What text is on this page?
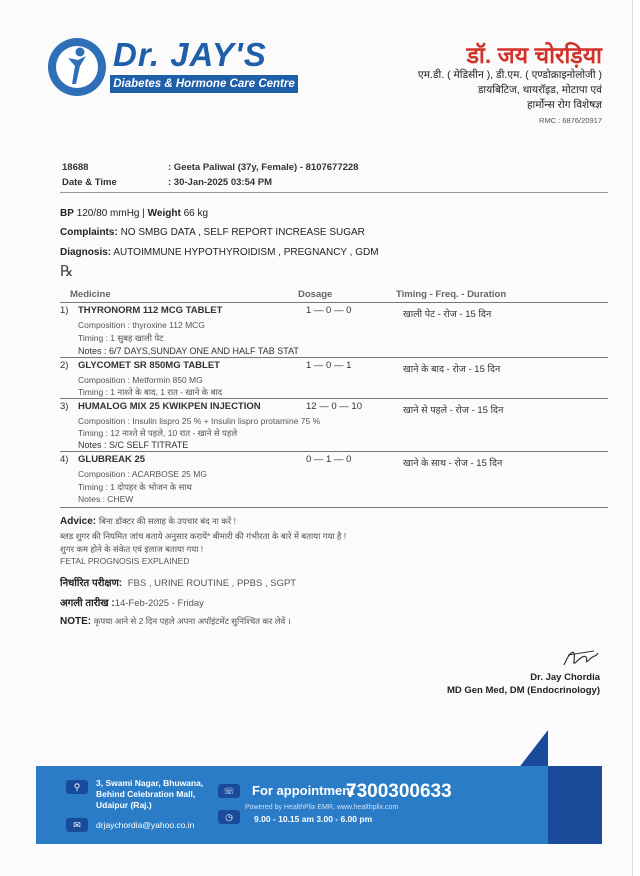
Dr. JAY'S
Diabetes & Hormone Care Centre
डॉ. जय चोरड़िया
एम.डी. ( मेडिसीन ), डी.एम. ( एण्डोक्राइनोलोजी )
डायबिटिज, थायरॉइड, मोटापा एवं
हार्मोन्स रोग विशेषज्ञ
RMC : 6876/20917
18688	: Geeta Paliwal (37y, Female) - 8107677228
Date & Time	: 30-Jan-2025 03:54 PM
BP 120/80 mmHg | Weight 66 kg
Complaints: NO SMBG DATA , SELF REPORT INCREASE SUGAR
Diagnosis: AUTOIMMUNE HYPOTHYROIDISM , PREGNANCY , GDM
℞
Medicine	Dosage	Timing - Freq. - Duration
1) THYRONORM 112 MCG TABLET	1 — 0 — 0	खाली पेट - रोज - 15 दिन
Composition : thyroxine 112 MCG
Timing : 1 सुबह खाली पेट
Notes : 6/7 DAYS,SUNDAY ONE AND HALF TAB STAT
2) GLYCOMET SR 850MG TABLET	1 — 0 — 1	खाने के बाद - रोज - 15 दिन
Composition : Metformin 850 MG
Timing : 1 नाश्ते के बाद, 1 रात - खाने के बाद
3) HUMALOG MIX 25 KWIKPEN INJECTION	12 — 0 — 10	खाने से पहले - रोज - 15 दिन
Composition : Insulin lispro 25 % + Insulin lispro protamine 75 %
Timing : 12 नाश्ते से पहले, 10 रात - खाने से पहले
Notes : S/C SELF TITRATE
4) GLUBREAK 25	0 — 1 — 0	खाने के साथ - रोज - 15 दिन
Composition : ACARBOSE 25 MG
Timing : 1 दोपहर के भोजन के साथ
Notes : CHEW
Advice: बिना डॉक्टर की सलाह के उपचार बंद ना करें !
ब्लड शुगर की नियमित जांच बताये अनुसार करायें* बीमारी की गंभीरता के बारे में बताया गया है !
शुगर कम होने के संकेत एवं इलाज बताया गया !
FETAL PROGNOSIS EXPLAINED
निर्धारित परीक्षण: FBS , URINE ROUTINE , PPBS , SGPT
अगली तारीख :14-Feb-2025 - Friday
NOTE: कृपया आने से 2 दिन पहले अपना अपॉइंटमेंट सुनिश्चित कर लेवें ।
Dr. Jay Chordia
MD Gen Med, DM (Endocrinology)
⚲	3, Swami Nagar, Bhuwana,
Behind Celebration Mall,
Udaipur (Raj.)
✉	drjaychordia@yahoo.co.in
☏	For appointment :
7300300633
◷
Powered by HealthPlix EMR, www.healthplix.com
9.00 - 10.15 am 3.00 - 6.00 pm
